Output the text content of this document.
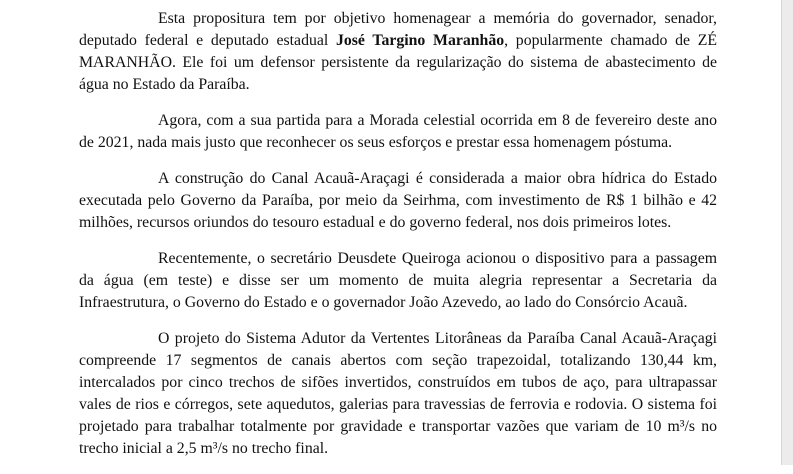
Esta propositura tem por objetivo homenagear a memória do governador, senador, deputado federal e deputado estadual José Targino Maranhão, popularmente chamado de ZÉ MARANHÃO. Ele foi um defensor persistente da regularização do sistema de abastecimento de água no Estado da Paraíba.

Agora, com a sua partida para a Morada celestial ocorrida em 8 de fevereiro deste ano de 2021, nada mais justo que reconhecer os seus esforços e prestar essa homenagem póstuma.

A construção do Canal Acauã-Araçagi é considerada a maior obra hídrica do Estado executada pelo Governo da Paraíba, por meio da Seirhma, com investimento de R$ 1 bilhão e 42 milhões, recursos oriundos do tesouro estadual e do governo federal, nos dois primeiros lotes.

Recentemente, o secretário Deusdete Queiroga acionou o dispositivo para a passagem da água (em teste) e disse ser um momento de muita alegria representar a Secretaria da Infraestrutura, o Governo do Estado e o governador João Azevedo, ao lado do Consórcio Acauã.

O projeto do Sistema Adutor da Vertentes Litorâneas da Paraíba Canal Acauã-Araçagi compreende 17 segmentos de canais abertos com seção trapezoidal, totalizando 130,44 km, intercalados por cinco trechos de sifões invertidos, construídos em tubos de aço, para ultrapassar vales de rios e córregos, sete aquedutos, galerias para travessias de ferrovia e rodovia. O sistema foi projetado para trabalhar totalmente por gravidade e transportar vazões que variam de 10 m³/s no trecho inicial a 2,5 m³/s no trecho final.
